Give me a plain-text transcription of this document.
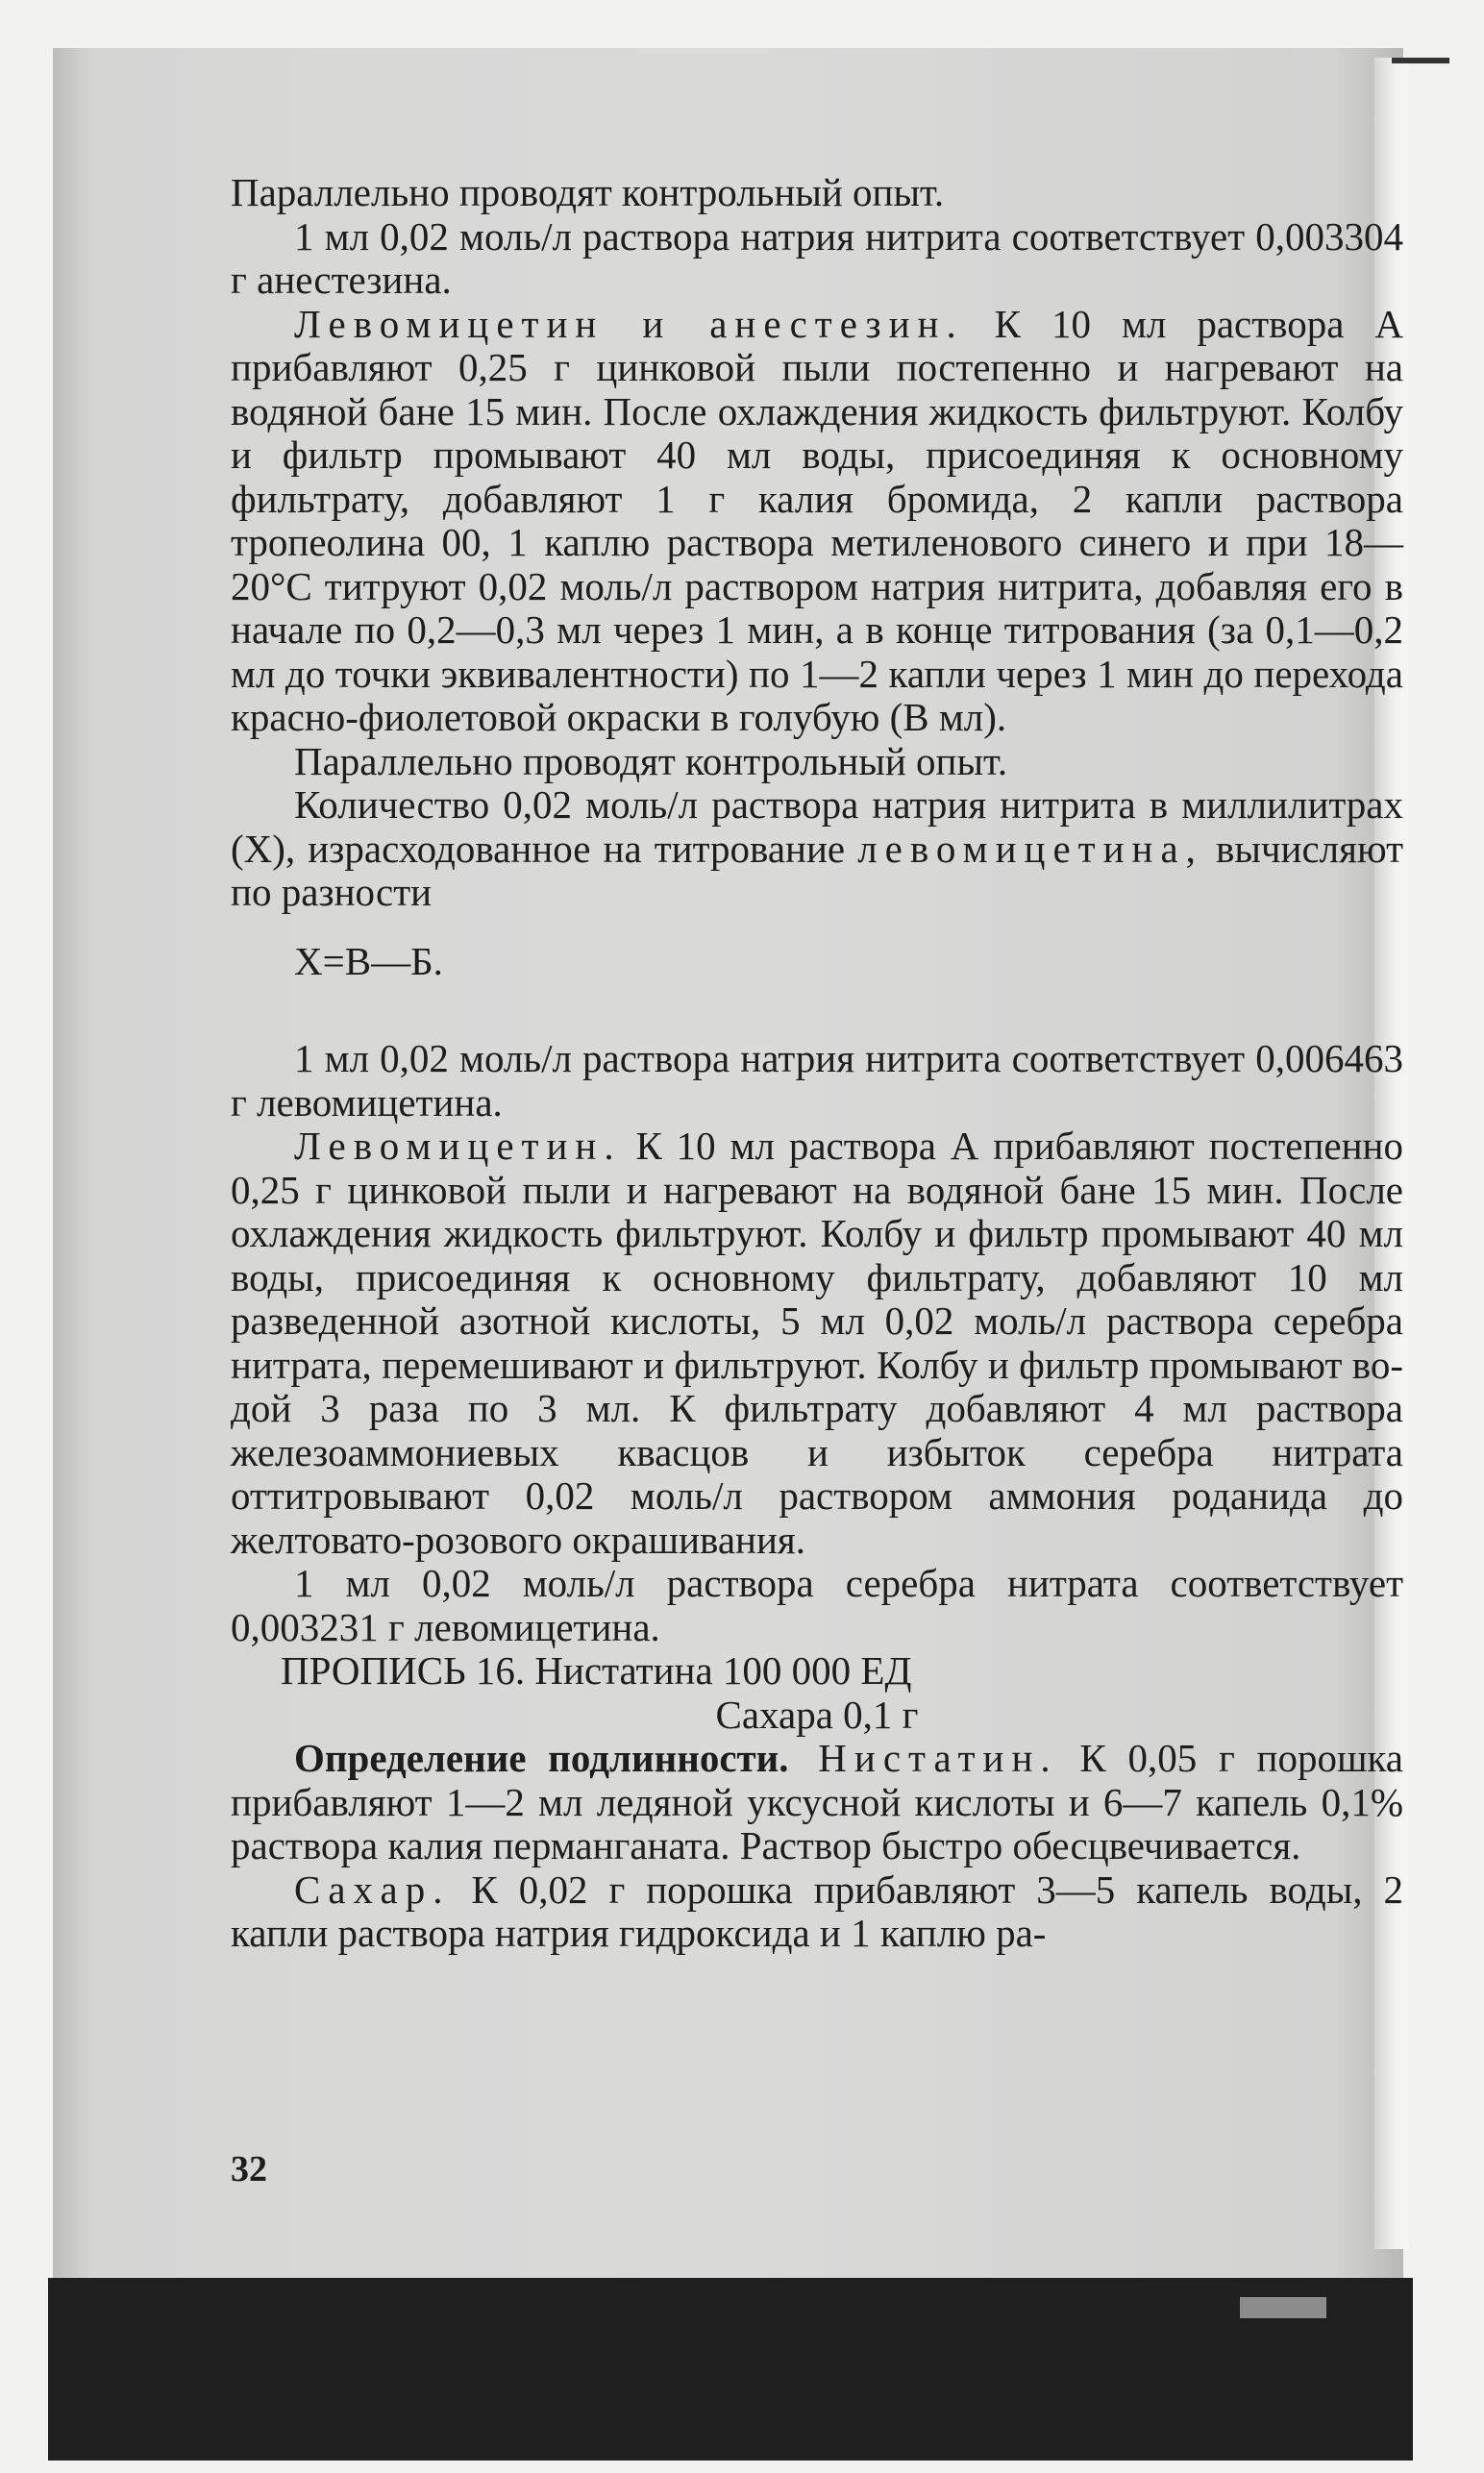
Параллельно проводят контрольный опыт.

1 мл 0,02 моль/л раствора натрия нитрита соответствует 0,003304 г анестезина.

Левомицетин и анестезин. К 10 мл раствора А прибавляют 0,25 г цинковой пыли постепенно и нагревают на водяной бане 15 мин. После охлаждения жидкость фильтруют. Колбу и фильтр промывают 40 мл воды, присоединяя к основному фильтрату, добавляют 1 г калия бромида, 2 капли раствора тропеолина 00, 1 каплю раствора метиленового синего и при 18—20°С титруют 0,02 моль/л раствором натрия нитрита, добавляя его в начале по 0,2—0,3 мл через 1 мин, а в конце титрования (за 0,1—0,2 мл до точки эквивалентности) по 1—2 капли через 1 мин до перехода красно-фиолетовой окраски в голубую (В мл).

Параллельно проводят контрольный опыт.

Количество 0,02 моль/л раствора натрия нитрита в миллилитрах (X), израсходованное на титрование левомицетина, вычисляют по разности

X=В—Б.

1 мл 0,02 моль/л раствора натрия нитрита соответствует 0,006463 г левомицетина.

Левомицетин. К 10 мл раствора А прибавляют постепенно 0,25 г цинковой пыли и нагревают на водяной бане 15 мин. После охлаждения жидкость фильтруют. Колбу и фильтр промывают 40 мл воды, присоединяя к основному фильтрату, добавляют 10 мл разведенной азотной кислоты, 5 мл 0,02 моль/л раствора серебра нитрата, перемешивают и фильтруют. Колбу и фильтр промывают водой 3 раза по 3 мл. К фильтрату добавляют 4 мл раствора железоаммониевых квасцов и избыток серебра нитрата оттитровывают 0,02 моль/л раствором аммония роданида до желтовато-розового окрашивания.

1 мл 0,02 моль/л раствора серебра нитрата соответствует 0,003231 г левомицетина.

ПРОПИСЬ 16. Нистатина 100 000 ЕД

Сахара 0,1 г

Определение подлинности. Нистатин. К 0,05 г порошка прибавляют 1—2 мл ледяной уксусной кислоты и 6—7 капель 0,1% раствора калия перманганата. Раствор быстро обесцвечивается.

Сахар. К 0,02 г порошка прибавляют 3—5 капель воды, 2 капли раствора натрия гидроксида и 1 каплю ра-

32
